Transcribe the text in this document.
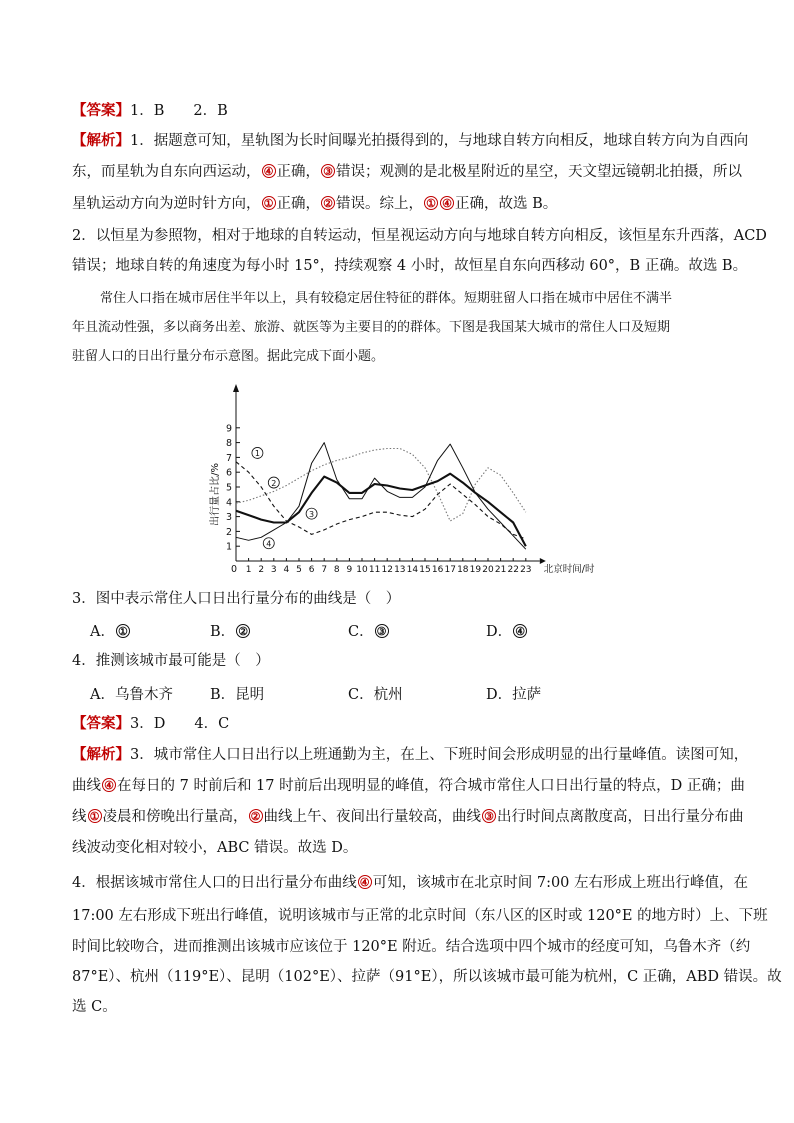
【答案】1．B　　2．B
【解析】1．据题意可知，星轨图为长时间曝光拍摄得到的，与地球自转方向相反，地球自转方向为自西向
东，而星轨为自东向西运动， ④ 正确， ③ 错误；观测的是北极星附近的星空，天文望远镜朝北拍摄，所以
星轨运动方向为逆时针方向， ① 正确， ② 错误。综上， ① ④ 正确，故选 B。
2．以恒星为参照物，相对于地球的自转运动，恒星视运动方向与地球自转方向相反，该恒星东升西落，ACD
错误；地球自转的角速度为每小时 15°，持续观察 4 小时，故恒星自东向西移动 60°，B 正确。故选 B。
常住人口指在城市居住半年以上，具有较稳定居住特征的群体。短期驻留人口指在城市中居住不满半
年且流动性强，多以商务出差、旅游、就医等为主要目的的群体。下图是我国某大城市的常住人口及短期
驻留人口的日出行量分布示意图。据此完成下面小题。
1
2
3
4
5
6
7
8
9
0 1 2 3 4 5 6 7 8 9 10 11 12 13 14 15 16 17 18 19 20 21 22 23 北京时间/时
出行量占比/%
1
2
3
4
3．图中表示常住人口日出行量分布的曲线是（　）
A． ①	B． ②	C． ③	D． ④
4．推测该城市最可能是（　）
A．乌鲁木齐	B．昆明	C．杭州	D．拉萨
【答案】3．D　　4．C
【解析】3．城市常住人口日出行以上班通勤为主，在上、下班时间会形成明显的出行量峰值。读图可知，
曲线 ④ 在每日的 7 时前后和 17 时前后出现明显的峰值，符合城市常住人口日出行量的特点，D 正确；曲
线 ① 凌晨和傍晚出行量高， ② 曲线上午、夜间出行量较高，曲线 ③ 出行时间点离散度高，日出行量分布曲
线波动变化相对较小，ABC 错误。故选 D。
4．根据该城市常住人口的日出行量分布曲线 ④ 可知，该城市在北京时间 7:00 左右形成上班出行峰值，在
17:00 左右形成下班出行峰值，说明该城市与正常的北京时间（东八区的区时或 120°E 的地方时）上、下班
时间比较吻合，进而推测出该城市应该位于 120°E 附近。结合选项中四个城市的经度可知，乌鲁木齐（约
87°E）、杭州（119°E）、昆明（102°E）、拉萨（91°E），所以该城市最可能为杭州，C 正确，ABD 错误。故
选 C。
